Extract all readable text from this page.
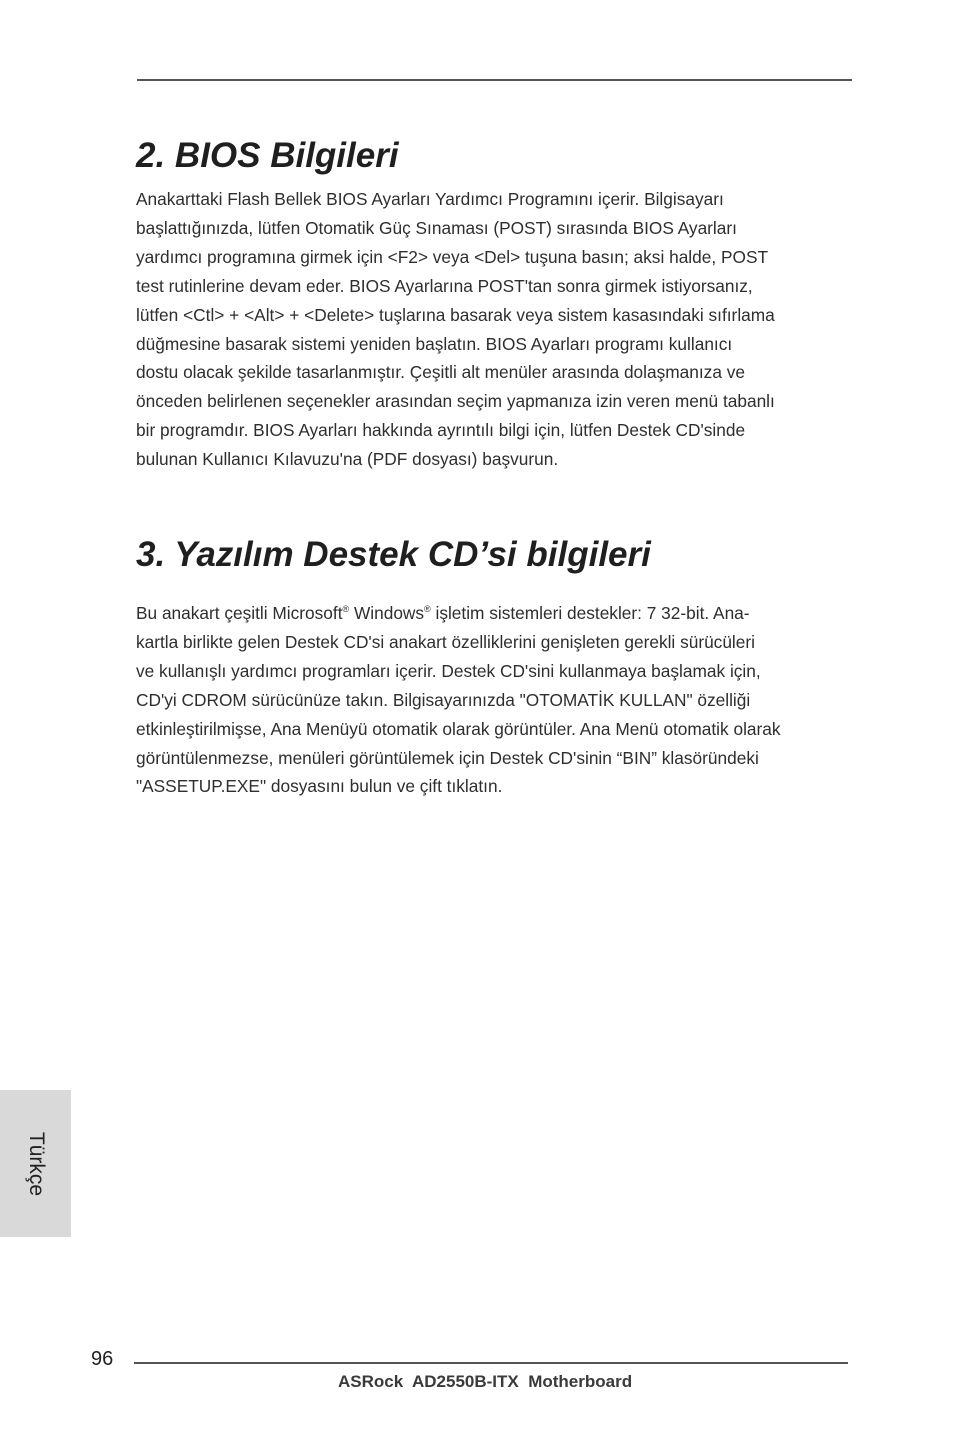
2. BIOS Bilgileri

Anakarttaki Flash Bellek BIOS Ayarları Yardımcı Programını içerir. Bilgisayarı
başlattığınızda, lütfen Otomatik Güç Sınaması (POST) sırasında BIOS Ayarları
yardımcı programına girmek için <F2> veya <Del> tuşuna basın; aksi halde, POST
test rutinlerine devam eder. BIOS Ayarlarına POST'tan sonra girmek istiyorsanız,
lütfen <Ctl> + <Alt> + <Delete> tuşlarına basarak veya sistem kasasındaki sıfırlama
düğmesine basarak sistemi yeniden başlatın. BIOS Ayarları programı kullanıcı
dostu olacak şekilde tasarlanmıştır. Çeşitli alt menüler arasında dolaşmanıza ve
önceden belirlenen seçenekler arasından seçim yapmanıza izin veren menü tabanlı
bir programdır. BIOS Ayarları hakkında ayrıntılı bilgi için, lütfen Destek CD'sinde
bulunan Kullanıcı Kılavuzu'na (PDF dosyası) başvurun.

3. Yazılım Destek CD’si bilgileri

Bu anakart çeşitli Microsoft® Windows® işletim sistemleri destekler: 7 32-bit. Ana-
kartla birlikte gelen Destek CD'si anakart özelliklerini genişleten gerekli sürücüleri
ve kullanışlı yardımcı programları içerir. Destek CD'sini kullanmaya başlamak için,
CD'yi CDROM sürücünüze takın. Bilgisayarınızda "OTOMATİK KULLAN" özelliği
etkinleştirilmişse, Ana Menüyü otomatik olarak görüntüler. Ana Menü otomatik olarak
görüntülenmezse, menüleri görüntülemek için Destek CD'sinin “BIN” klasöründeki
"ASSETUP.EXE" dosyasını bulun ve çift tıklatın.

Türkçe
96
ASRock  AD2550B-ITX  Motherboard
